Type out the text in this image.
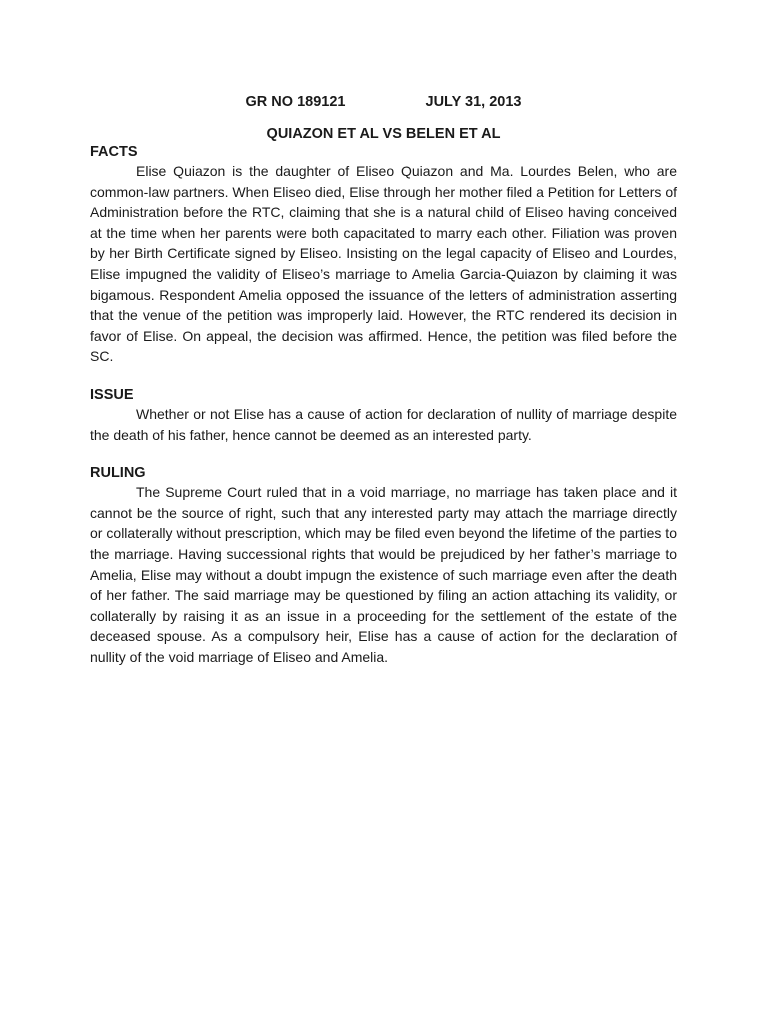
GR NO 189121	JULY 31, 2013
QUIAZON ET AL VS BELEN ET AL
FACTS

Elise Quiazon is the daughter of Eliseo Quiazon and Ma. Lourdes Belen, who are common-law partners. When Eliseo died, Elise through her mother filed a Petition for Letters of Administration before the RTC, claiming that she is a natural child of Eliseo having conceived at the time when her parents were both capacitated to marry each other. Filiation was proven by her Birth Certificate signed by Eliseo. Insisting on the legal capacity of Eliseo and Lourdes, Elise impugned the validity of Eliseo’s marriage to Amelia Garcia-Quiazon by claiming it was bigamous. Respondent Amelia opposed the issuance of the letters of administration asserting that the venue of the petition was improperly laid. However, the RTC rendered its decision in favor of Elise. On appeal, the decision was affirmed. Hence, the petition was filed before the SC.

ISSUE

Whether or not Elise has a cause of action for declaration of nullity of marriage despite the death of his father, hence cannot be deemed as an interested party.

RULING

The Supreme Court ruled that in a void marriage, no marriage has taken place and it cannot be the source of right, such that any interested party may attach the marriage directly or collaterally without prescription, which may be filed even beyond the lifetime of the parties to the marriage. Having successional rights that would be prejudiced by her father’s marriage to Amelia, Elise may without a doubt impugn the existence of such marriage even after the death of her father. The said marriage may be questioned by filing an action attaching its validity, or collaterally by raising it as an issue in a proceeding for the settlement of the estate of the deceased spouse. As a compulsory heir, Elise has a cause of action for the declaration of nullity of the void marriage of Eliseo and Amelia.
